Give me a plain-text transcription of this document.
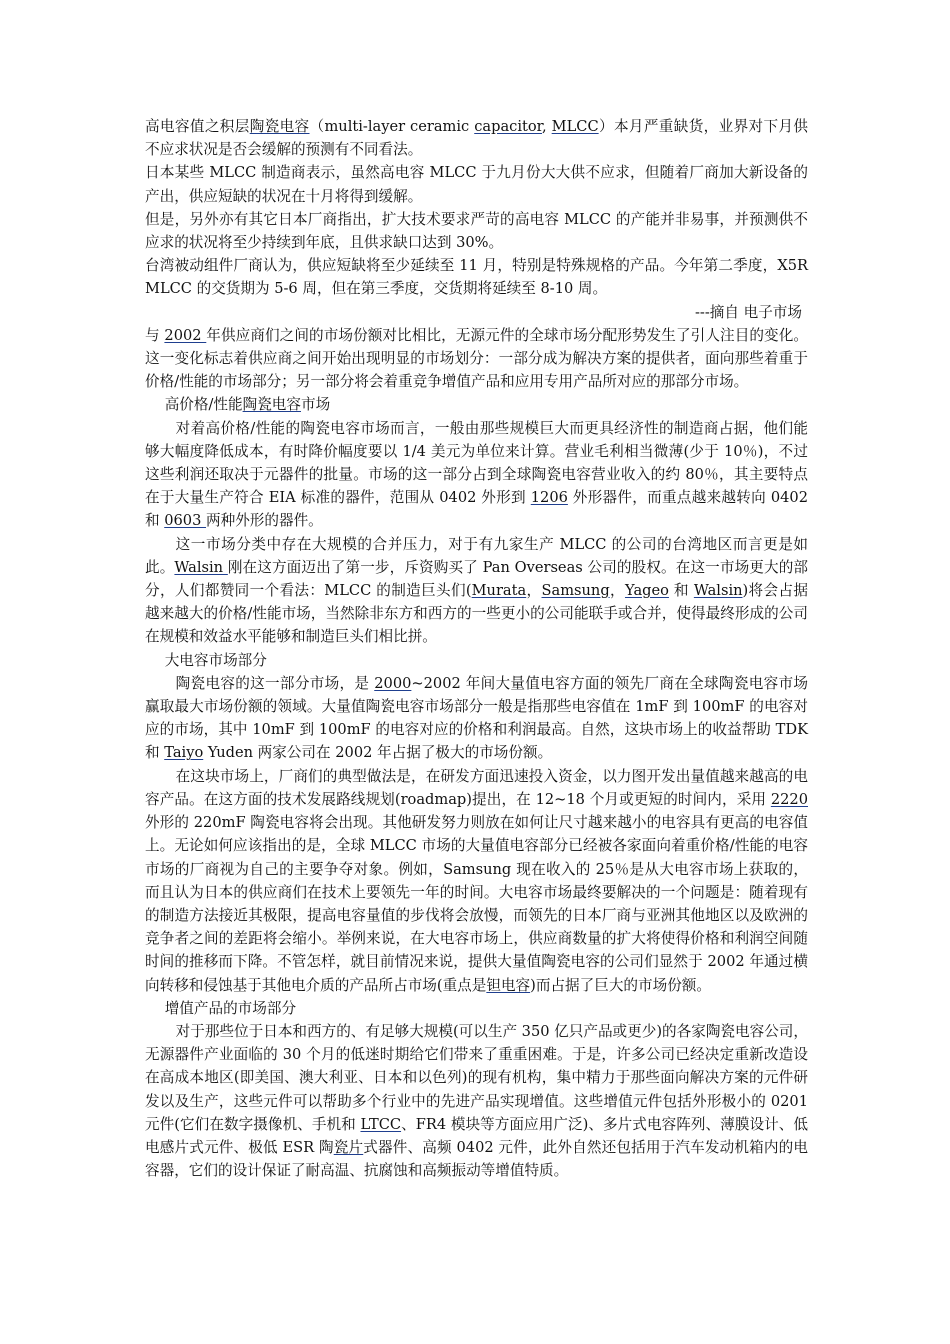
高电容值之积层陶瓷电容（multi-layer ceramic capacitor, MLCC）本月严重缺货，业界对下月供不应求状况是否会缓解的预测有不同看法。

日本某些 MLCC 制造商表示，虽然高电容 MLCC 于九月份大大供不应求，但随着厂商加大新设备的产出，供应短缺的状况在十月将得到缓解。

但是，另外亦有其它日本厂商指出，扩大技术要求严苛的高电容 MLCC 的产能并非易事，并预测供不应求的状况将至少持续到年底，且供求缺口达到 30%。

台湾被动组件厂商认为，供应短缺将至少延续至 11 月，特别是特殊规格的产品。今年第二季度，X5R MLCC 的交货期为 5-6 周，但在第三季度，交货期将延续至 8-10 周。

---摘自 电子市场

与 2002 年供应商们之间的市场份额对比相比，无源元件的全球市场分配形势发生了引人注目的变化。这一变化标志着供应商之间开始出现明显的市场划分：一部分成为解决方案的提供者，面向那些着重于价格/性能的市场部分；另一部分将会着重竞争增值产品和应用专用产品所对应的那部分市场。

高价格/性能陶瓷电容市场

对着高价格/性能的陶瓷电容市场而言，一般由那些规模巨大而更具经济性的制造商占据，他们能够大幅度降低成本，有时降价幅度要以 1/4 美元为单位来计算。营业毛利相当微薄(少于 10％)，不过这些利润还取决于元器件的批量。市场的这一部分占到全球陶瓷电容营业收入的约 80％，其主要特点在于大量生产符合 EIA 标准的器件，范围从 0402 外形到 1206 外形器件，而重点越来越转向 0402 和 0603 两种外形的器件。

这一市场分类中存在大规模的合并压力，对于有九家生产 MLCC 的公司的台湾地区而言更是如此。Walsin 刚在这方面迈出了第一步，斥资购买了 Pan Overseas 公司的股权。在这一市场更大的部分，人们都赞同一个看法：MLCC 的制造巨头们(Murata，Samsung，Yageo 和 Walsin)将会占据越来越大的价格/性能市场，当然除非东方和西方的一些更小的公司能联手或合并，使得最终形成的公司在规模和效益水平能够和制造巨头们相比拼。

大电容市场部分

陶瓷电容的这一部分市场，是 2000~2002 年间大量值电容方面的领先厂商在全球陶瓷电容市场赢取最大市场份额的领域。大量值陶瓷电容市场部分一般是指那些电容值在 1mF 到 100mF 的电容对应的市场，其中 10mF 到 100mF 的电容对应的价格和利润最高。自然，这块市场上的收益帮助 TDK 和 Taiyo Yuden 两家公司在 2002 年占据了极大的市场份额。

在这块市场上，厂商们的典型做法是，在研发方面迅速投入资金，以力图开发出量值越来越高的电容产品。在这方面的技术发展路线规划(roadmap)提出，在 12~18 个月或更短的时间内，采用 2220 外形的 220mF 陶瓷电容将会出现。其他研发努力则放在如何让尺寸越来越小的电容具有更高的电容值上。无论如何应该指出的是，全球 MLCC 市场的大量值电容部分已经被各家面向着重价格/性能的电容市场的厂商视为自己的主要争夺对象。例如，Samsung 现在收入的 25％是从大电容市场上获取的，而且认为日本的供应商们在技术上要领先一年的时间。大电容市场最终要解决的一个问题是：随着现有的制造方法接近其极限，提高电容量值的步伐将会放慢，而领先的日本厂商与亚洲其他地区以及欧洲的竞争者之间的差距将会缩小。举例来说，在大电容市场上，供应商数量的扩大将使得价格和利润空间随时间的推移而下降。不管怎样，就目前情况来说，提供大量值陶瓷电容的公司们显然于 2002 年通过横向转移和侵蚀基于其他电介质的产品所占市场(重点是钽电容)而占据了巨大的市场份额。

增值产品的市场部分

对于那些位于日本和西方的、有足够大规模(可以生产 350 亿只产品或更少)的各家陶瓷电容公司，无源器件产业面临的 30 个月的低迷时期给它们带来了重重困难。于是，许多公司已经决定重新改造设在高成本地区(即美国、澳大利亚、日本和以色列)的现有机构，集中精力于那些面向解决方案的元件研发以及生产，这些元件可以帮助多个行业中的先进产品实现增值。这些增值元件包括外形极小的 0201 元件(它们在数字摄像机、手机和 LTCC、FR4 模块等方面应用广泛)、多片式电容阵列、薄膜设计、低电感片式元件、极低 ESR 陶瓷片式器件、高频 0402 元件，此外自然还包括用于汽车发动机箱内的电容器，它们的设计保证了耐高温、抗腐蚀和高频振动等增值特质。
